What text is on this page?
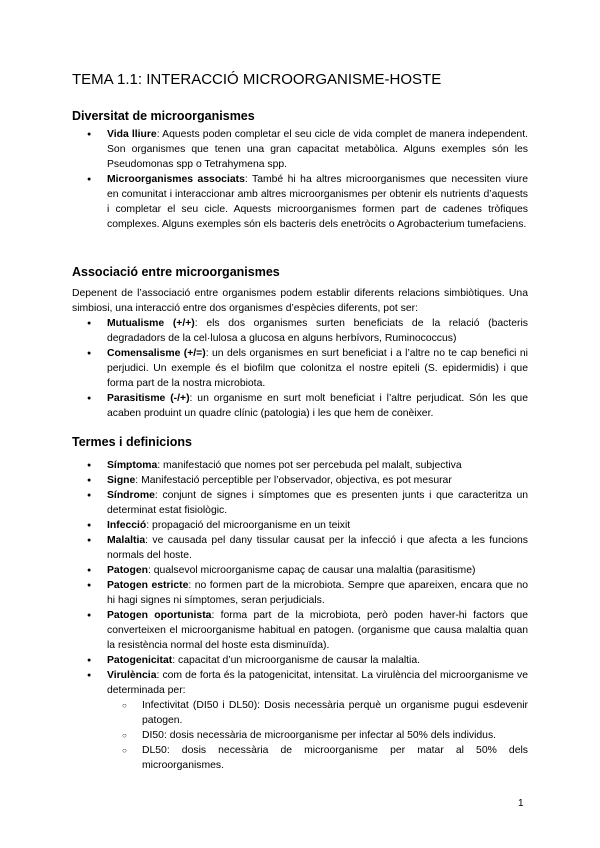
TEMA 1.1: INTERACCIÓ MICROORGANISME-HOSTE
Diversitat de microorganismes
● Vida lliure: Aquests poden completar el seu cicle de vida complet de manera independent. Son organismes que tenen una gran capacitat metabòlica. Alguns exemples són les Pseudomonas spp o Tetrahymena spp.
● Microorganismes associats: També hi ha altres microorganismes que necessiten viure en comunitat i interaccionar amb altres microorganismes per obtenir els nutrients d’aquests i completar el seu cicle. Aquests microorganismes formen part de cadenes tròfiques complexes. Alguns exemples són els bacteris dels enetròcits o Agrobacterium tumefaciens.
Associació entre microorganismes

Depenent de l’associació entre organismes podem establir diferents relacions simbiòtiques. Una simbiosi, una interacció entre dos organismes d’espècies diferents, pot ser:

● Mutualisme (+/+): els dos organismes surten beneficiats de la relació (bacteris degradadors de la cel·lulosa a glucosa en alguns herbívors, Ruminococcus)
● Comensalisme (+/=): un dels organismes en surt beneficiat i a l’altre no te cap benefici ni perjudici. Un exemple és el biofilm que colonitza el nostre epiteli (S. epidermidis) i que forma part de la nostra microbiota.
● Parasitisme (-/+): un organisme en surt molt beneficiat i l’altre perjudicat. Són les que acaben produint un quadre clínic (patologia) i les que hem de conèixer.
Termes i definicions
● Símptoma: manifestació que nomes pot ser percebuda pel malalt, subjectiva
● Signe: Manifestació perceptible per l’observador, objectiva, es pot mesurar
● Síndrome: conjunt de signes i símptomes que es presenten junts i que caracteritza un determinat estat fisiològic.
● Infecció: propagació del microorganisme en un teixit
● Malaltia: ve causada pel dany tissular causat per la infecció i que afecta a les funcions normals del hoste.
● Patogen: qualsevol microorganisme capaç de causar una malaltia (parasitisme)
● Patogen estricte: no formen part de la microbiota. Sempre que apareixen, encara que no hi hagi signes ni símptomes, seran perjudicials.
● Patogen oportunista: forma part de la microbiota, però poden haver-hi factors que converteixen el microorganisme habitual en patogen. (organisme que causa malaltia quan la resistència normal del hoste esta disminuïda).
● Patogenicitat: capacitat d’un microorganisme de causar la malaltia.
● Virulència: com de forta és la patogenicitat, intensitat. La virulència del microorganisme ve determinada per:
○ Infectivitat (DI50 i DL50): Dosis necessària perquè un organisme pugui esdevenir patogen.
○ DI50: dosis necessària de microorganisme per infectar al 50% dels individus.
○ DL50: dosis necessària de microorganisme per matar al 50% dels microorganismes.
1
